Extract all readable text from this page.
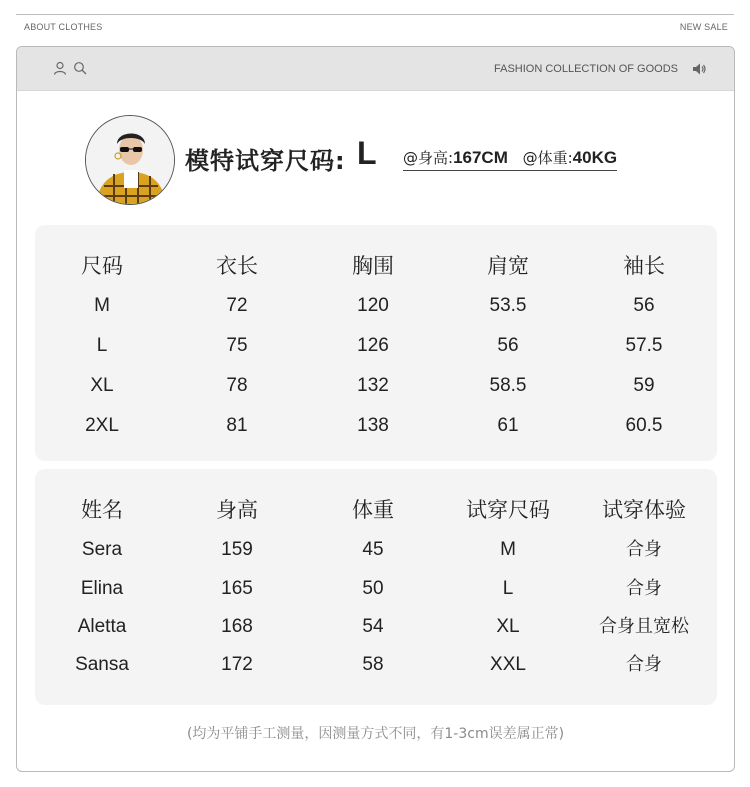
ABOUT CLOTHES	NEW SALE
FASHION COLLECTION OF GOODS
模特试穿尺码: L @身高:167CM @体重:40KG
尺码	衣长	胸围	肩宽	袖长
M	72	120	53.5	56
L	75	126	56	57.5
XL	78	132	58.5	59
2XL	81	138	61	60.5
姓名	身高	体重	试穿尺码	试穿体验
Sera	159	45	M	合身
Elina	165	50	L	合身
Aletta	168	54	XL	合身且宽松
Sansa	172	58	XXL	合身
(均为平铺手工测量，因测量方式不同，有1-3cm误差属正常)
